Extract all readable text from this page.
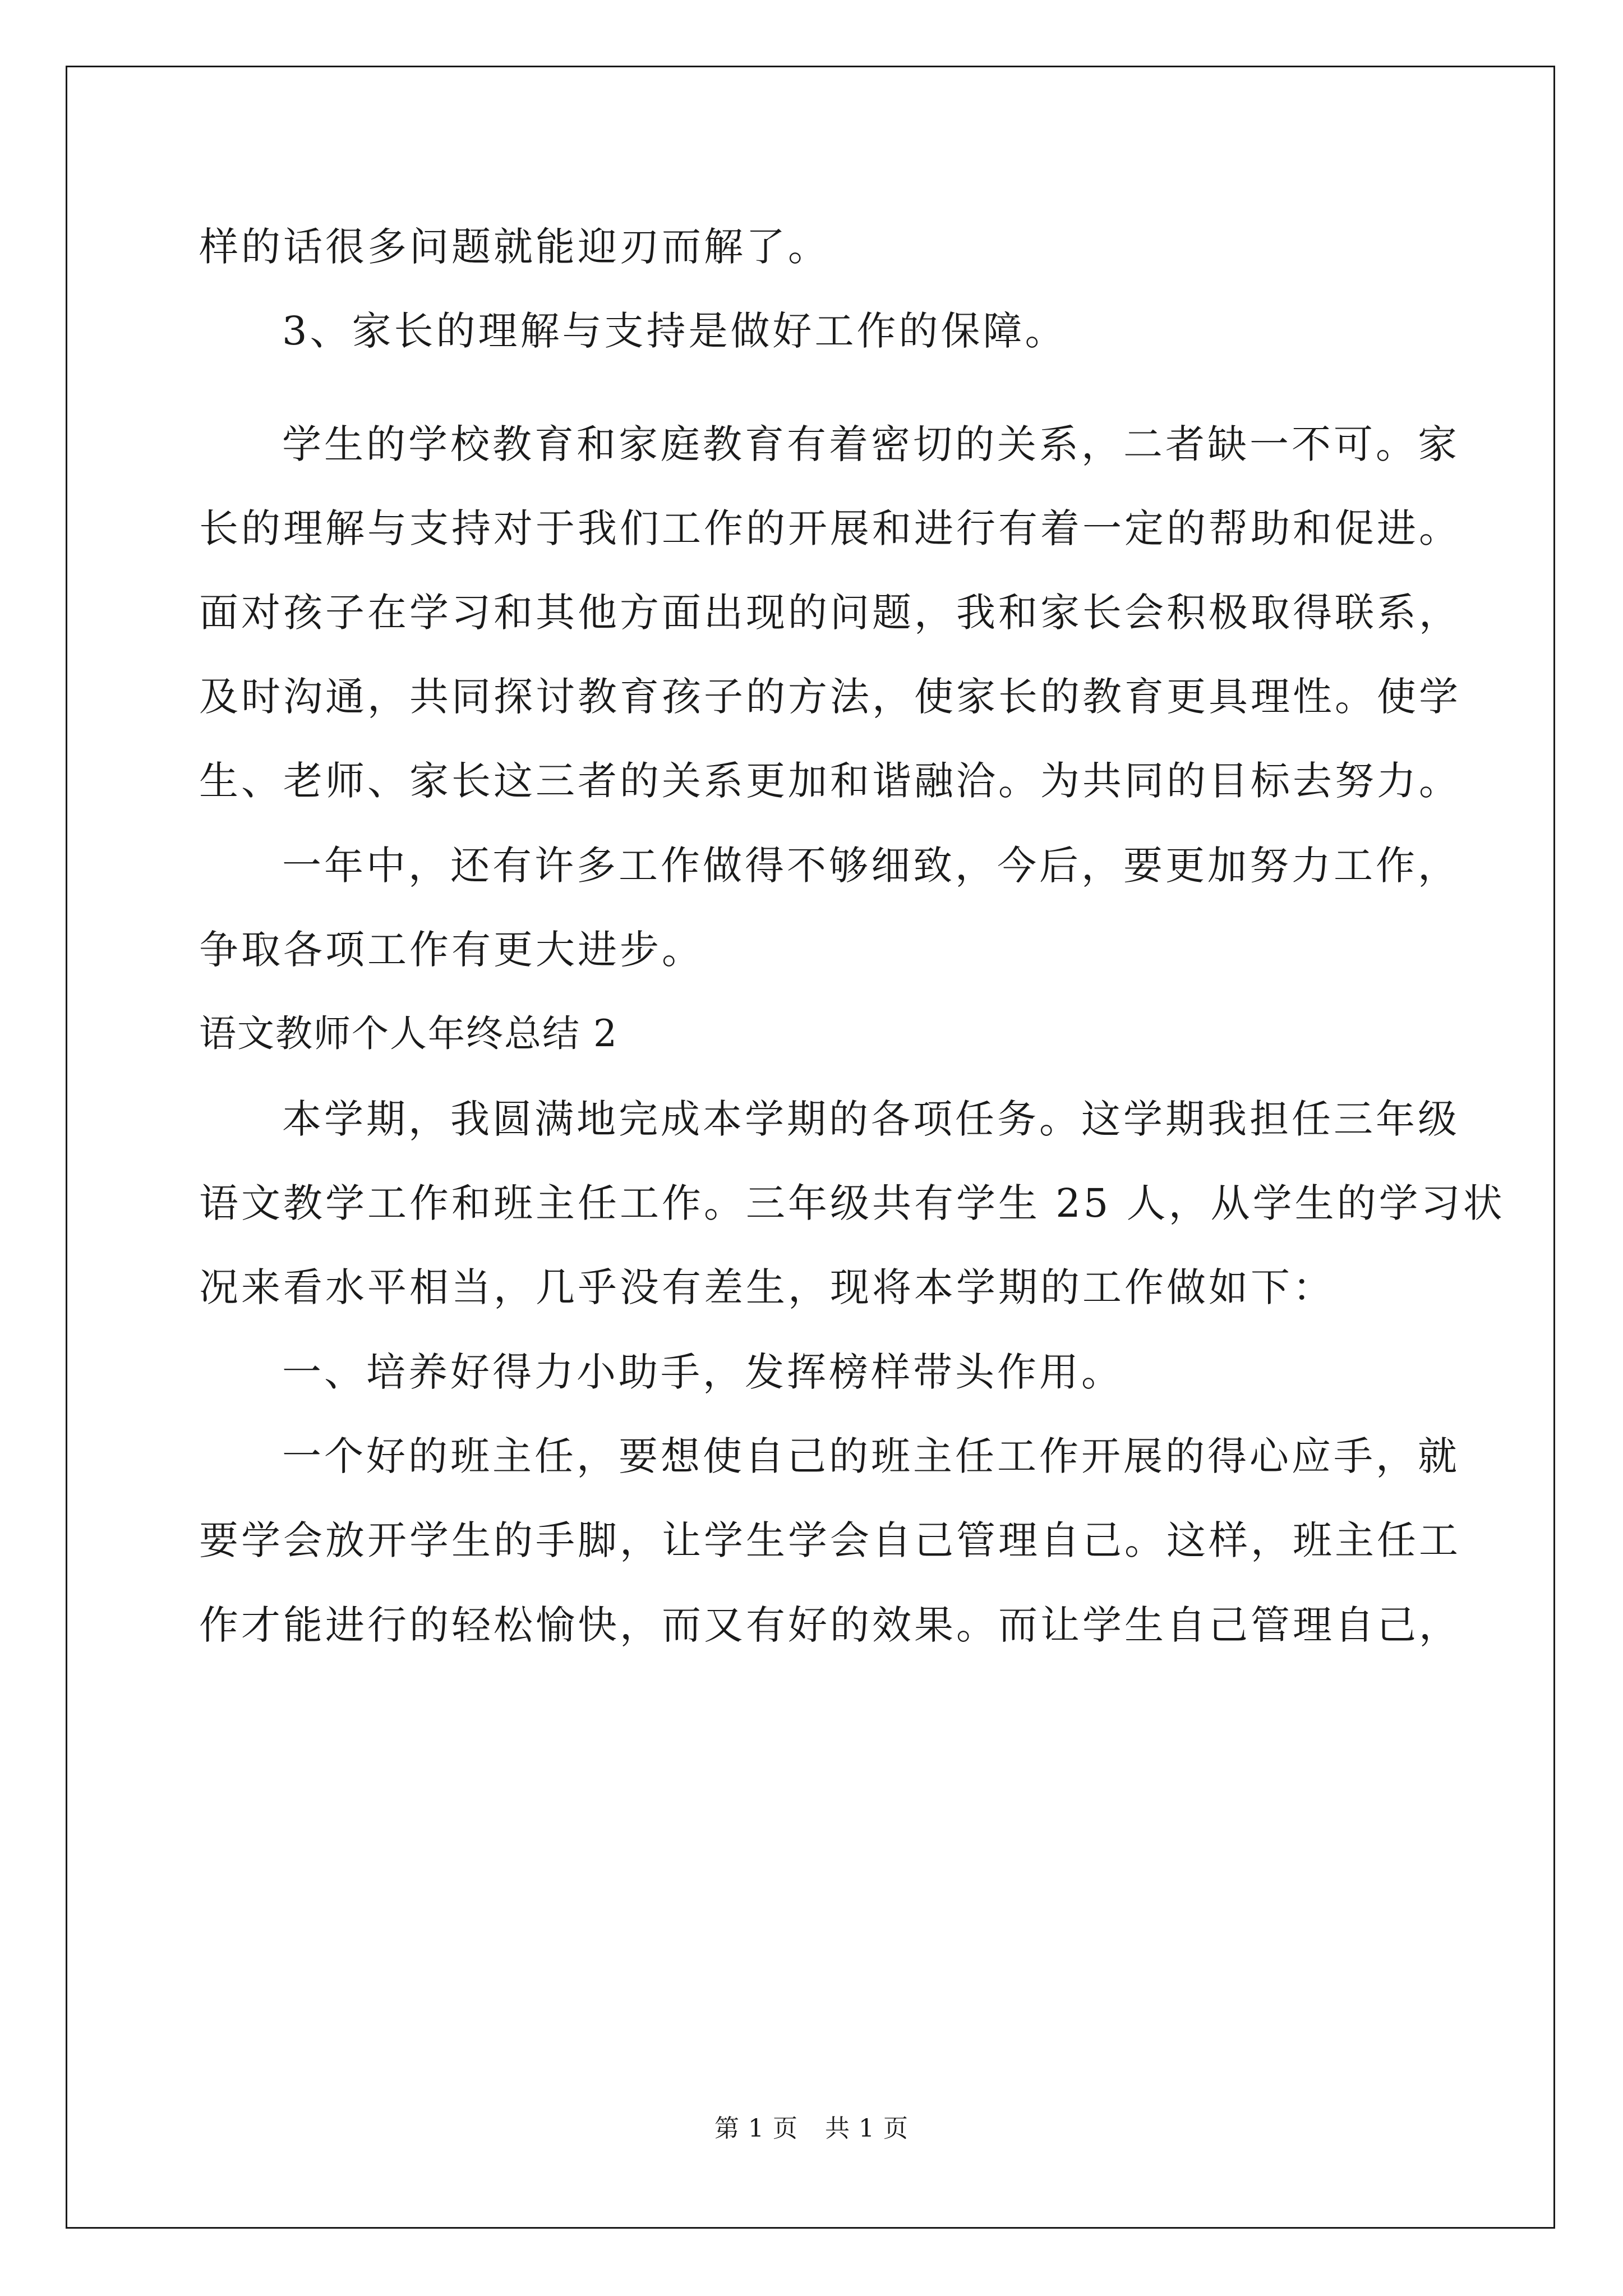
样的话很多问题就能迎刃而解了。
3、家长的理解与支持是做好工作的保障。
学生的学校教育和家庭教育有着密切的关系，二者缺一不可。家
长的理解与支持对于我们工作的开展和进行有着一定的帮助和促进。
面对孩子在学习和其他方面出现的问题，我和家长会积极取得联系，
及时沟通，共同探讨教育孩子的方法，使家长的教育更具理性。使学
生、老师、家长这三者的关系更加和谐融洽。为共同的目标去努力。
一年中，还有许多工作做得不够细致，今后，要更加努力工作，
争取各项工作有更大进步。
语文教师个人年终总结 2
本学期，我圆满地完成本学期的各项任务。这学期我担任三年级
语文教学工作和班主任工作。三年级共有学生 25 人，从学生的学习状
况来看水平相当，几乎没有差生，现将本学期的工作做如下：
一、培养好得力小助手，发挥榜样带头作用。
一个好的班主任，要想使自己的班主任工作开展的得心应手，就
要学会放开学生的手脚，让学生学会自己管理自己。这样，班主任工
作才能进行的轻松愉快，而又有好的效果。而让学生自己管理自己，
第 1 页 共 1 页
